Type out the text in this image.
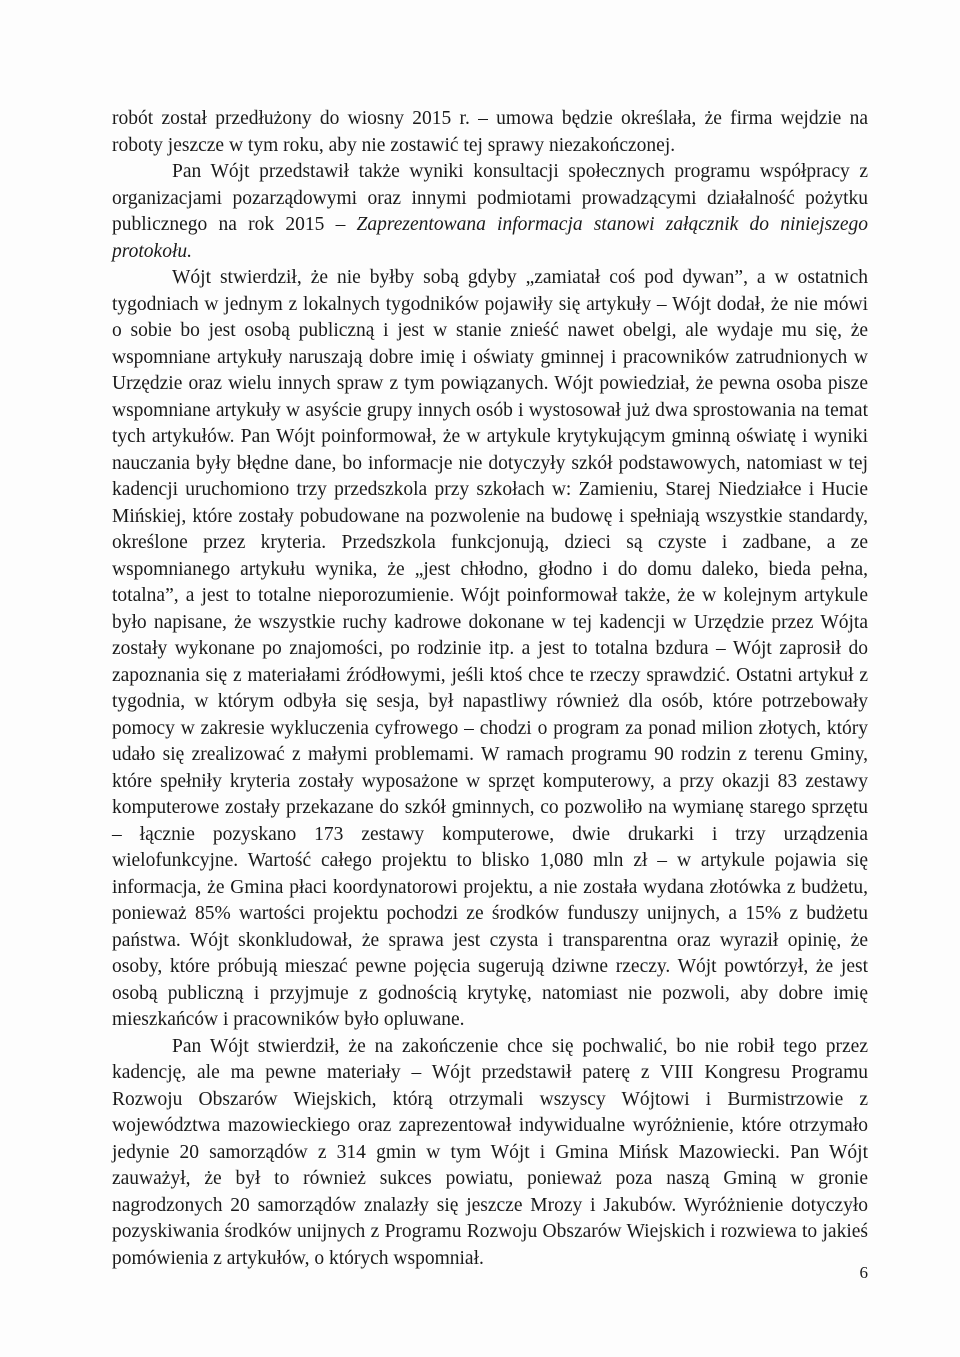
robót został przedłużony do wiosny 2015 r. – umowa będzie określała, że firma wejdzie na roboty jeszcze w tym roku, aby nie zostawić tej sprawy niezakończonej.

Pan Wójt przedstawił także wyniki konsultacji społecznych programu współpracy z organizacjami pozarządowymi oraz innymi podmiotami prowadzącymi działalność pożytku publicznego na rok 2015 – Zaprezentowana informacja stanowi załącznik do niniejszego protokołu.

Wójt stwierdził, że nie byłby sobą gdyby „zamiatał coś pod dywan”, a w ostatnich tygodniach w jednym z lokalnych tygodników pojawiły się artykuły – Wójt dodał, że nie mówi o sobie bo jest osobą publiczną i jest w stanie znieść nawet obelgi, ale wydaje mu się, że wspomniane artykuły naruszają dobre imię i oświaty gminnej i pracowników zatrudnionych w Urzędzie oraz wielu innych spraw z tym powiązanych. Wójt powiedział, że pewna osoba pisze wspomniane artykuły w asyście grupy innych osób i wystosował już dwa sprostowania na temat tych artykułów. Pan Wójt poinformował, że w artykule krytykującym gminną oświatę i wyniki nauczania były błędne dane, bo informacje nie dotyczyły szkół podstawowych, natomiast w tej kadencji uruchomiono trzy przedszkola przy szkołach w: Zamieniu, Starej Niedziałce i Hucie Mińskiej, które zostały pobudowane na pozwolenie na budowę i spełniają wszystkie standardy, określone przez kryteria. Przedszkola funkcjonują, dzieci są czyste i zadbane, a ze wspomnianego artykułu wynika, że „jest chłodno, głodno i do domu daleko, bieda pełna, totalna”, a jest to totalne nieporozumienie. Wójt poinformował także, że w kolejnym artykule było napisane, że wszystkie ruchy kadrowe dokonane w tej kadencji w Urzędzie przez Wójta zostały wykonane po znajomości, po rodzinie itp. a jest to totalna bzdura – Wójt zaprosił do zapoznania się z materiałami źródłowymi, jeśli ktoś chce te rzeczy sprawdzić. Ostatni artykuł z tygodnia, w którym odbyła się sesja, był napastliwy również dla osób, które potrzebowały pomocy w zakresie wykluczenia cyfrowego – chodzi o program za ponad milion złotych, który udało się zrealizować z małymi problemami. W ramach programu 90 rodzin z terenu Gminy, które spełniły kryteria zostały wyposażone w sprzęt komputerowy, a przy okazji 83 zestawy komputerowe zostały przekazane do szkół gminnych, co pozwoliło na wymianę starego sprzętu – łącznie pozyskano 173 zestawy komputerowe, dwie drukarki i trzy urządzenia wielofunkcyjne. Wartość całego projektu to blisko 1,080 mln zł – w artykule pojawia się informacja, że Gmina płaci koordynatorowi projektu, a nie została wydana złotówka z budżetu, ponieważ 85% wartości projektu pochodzi ze środków funduszy unijnych, a 15% z budżetu państwa. Wójt skonkludował, że sprawa jest czysta i transparentna oraz wyraził opinię, że osoby, które próbują mieszać pewne pojęcia sugerują dziwne rzeczy. Wójt powtórzył, że jest osobą publiczną i przyjmuje z godnością krytykę, natomiast nie pozwoli, aby dobre imię mieszkańców i pracowników było opluwane.

Pan Wójt stwierdził, że na zakończenie chce się pochwalić, bo nie robił tego przez kadencję, ale ma pewne materiały – Wójt przedstawił paterę z VIII Kongresu Programu Rozwoju Obszarów Wiejskich, którą otrzymali wszyscy Wójtowi i Burmistrzowie z województwa mazowieckiego oraz zaprezentował indywidualne wyróżnienie, które otrzymało jedynie 20 samorządów z 314 gmin w tym Wójt i Gmina Mińsk Mazowiecki. Pan Wójt zauważył, że był to również sukces powiatu, ponieważ poza naszą Gminą w gronie nagrodzonych 20 samorządów znalazły się jeszcze Mrozy i Jakubów. Wyróżnienie dotyczyło pozyskiwania środków unijnych z Programu Rozwoju Obszarów Wiejskich i rozwiewa to jakieś pomówienia z artykułów, o których wspomniał.

6
